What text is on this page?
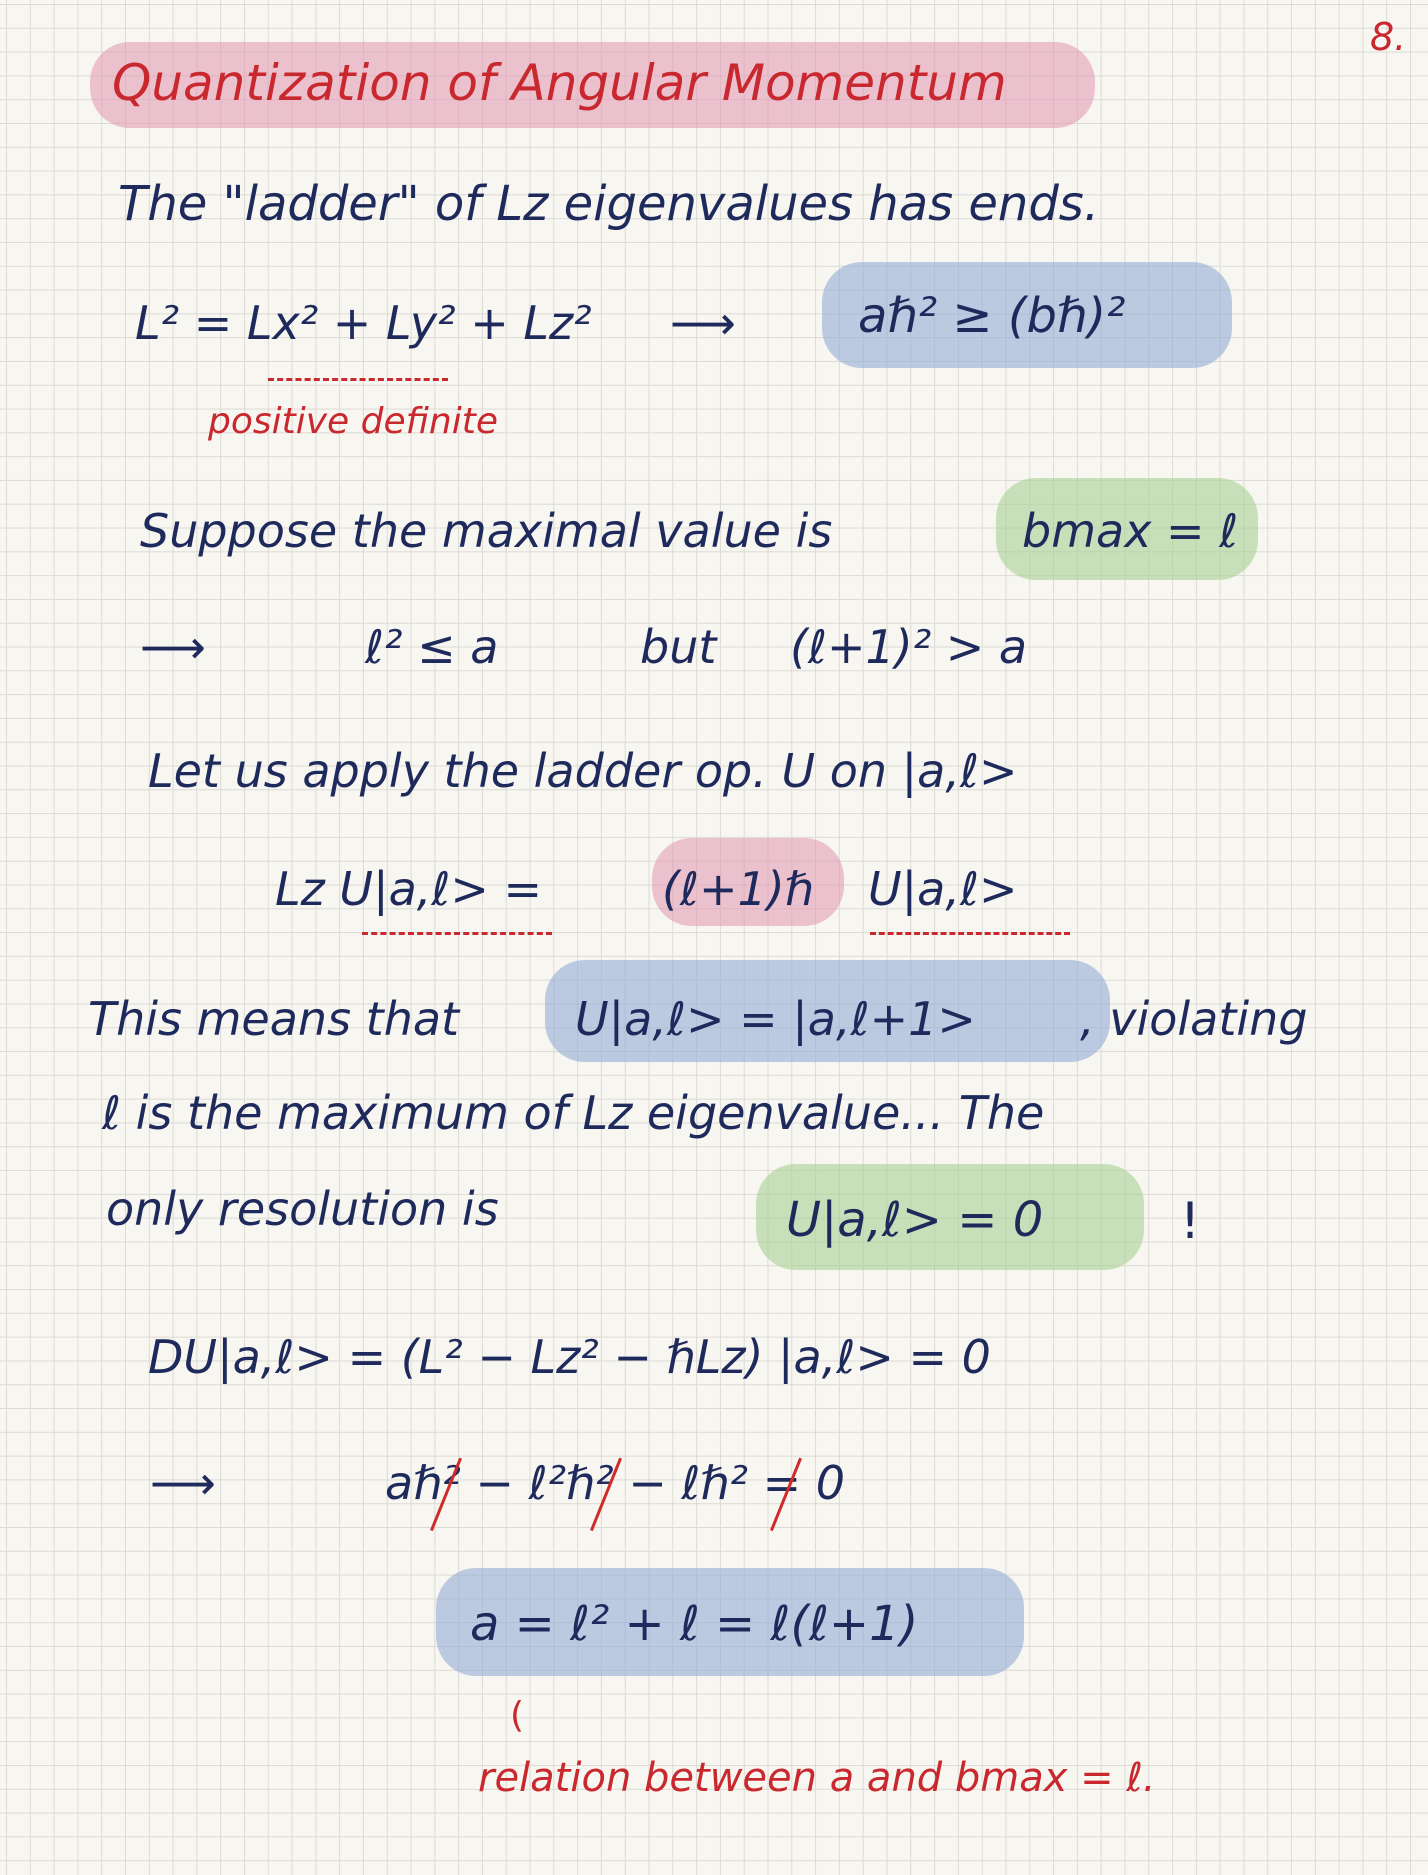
8.
Quantization of Angular Momentum
The "ladder" of Lz eigenvalues has ends.
L² = Lx² + Ly² + Lz² ⟶	aℏ² ≥ (bℏ)²
positive definite
Suppose the maximal value is	bmax = ℓ
⟶	ℓ² ≤ a	but (ℓ+1)² > a
Let us apply the ladder op. U on |a,ℓ>
Lz U|a,ℓ> =	(ℓ+1)ℏ U|a,ℓ>
This means that	U|a,ℓ> = |a,ℓ+1> , violating
ℓ is the maximum of Lz eigenvalue... The
only resolution is	U|a,ℓ> = 0	!
DU|a,ℓ> = (L² − Lz² − ℏLz) |a,ℓ> = 0
⟶	aℏ² − ℓ²ℏ² − ℓℏ² = 0
a = ℓ² + ℓ = ℓ(ℓ+1)
(
relation between a and bmax = ℓ.
